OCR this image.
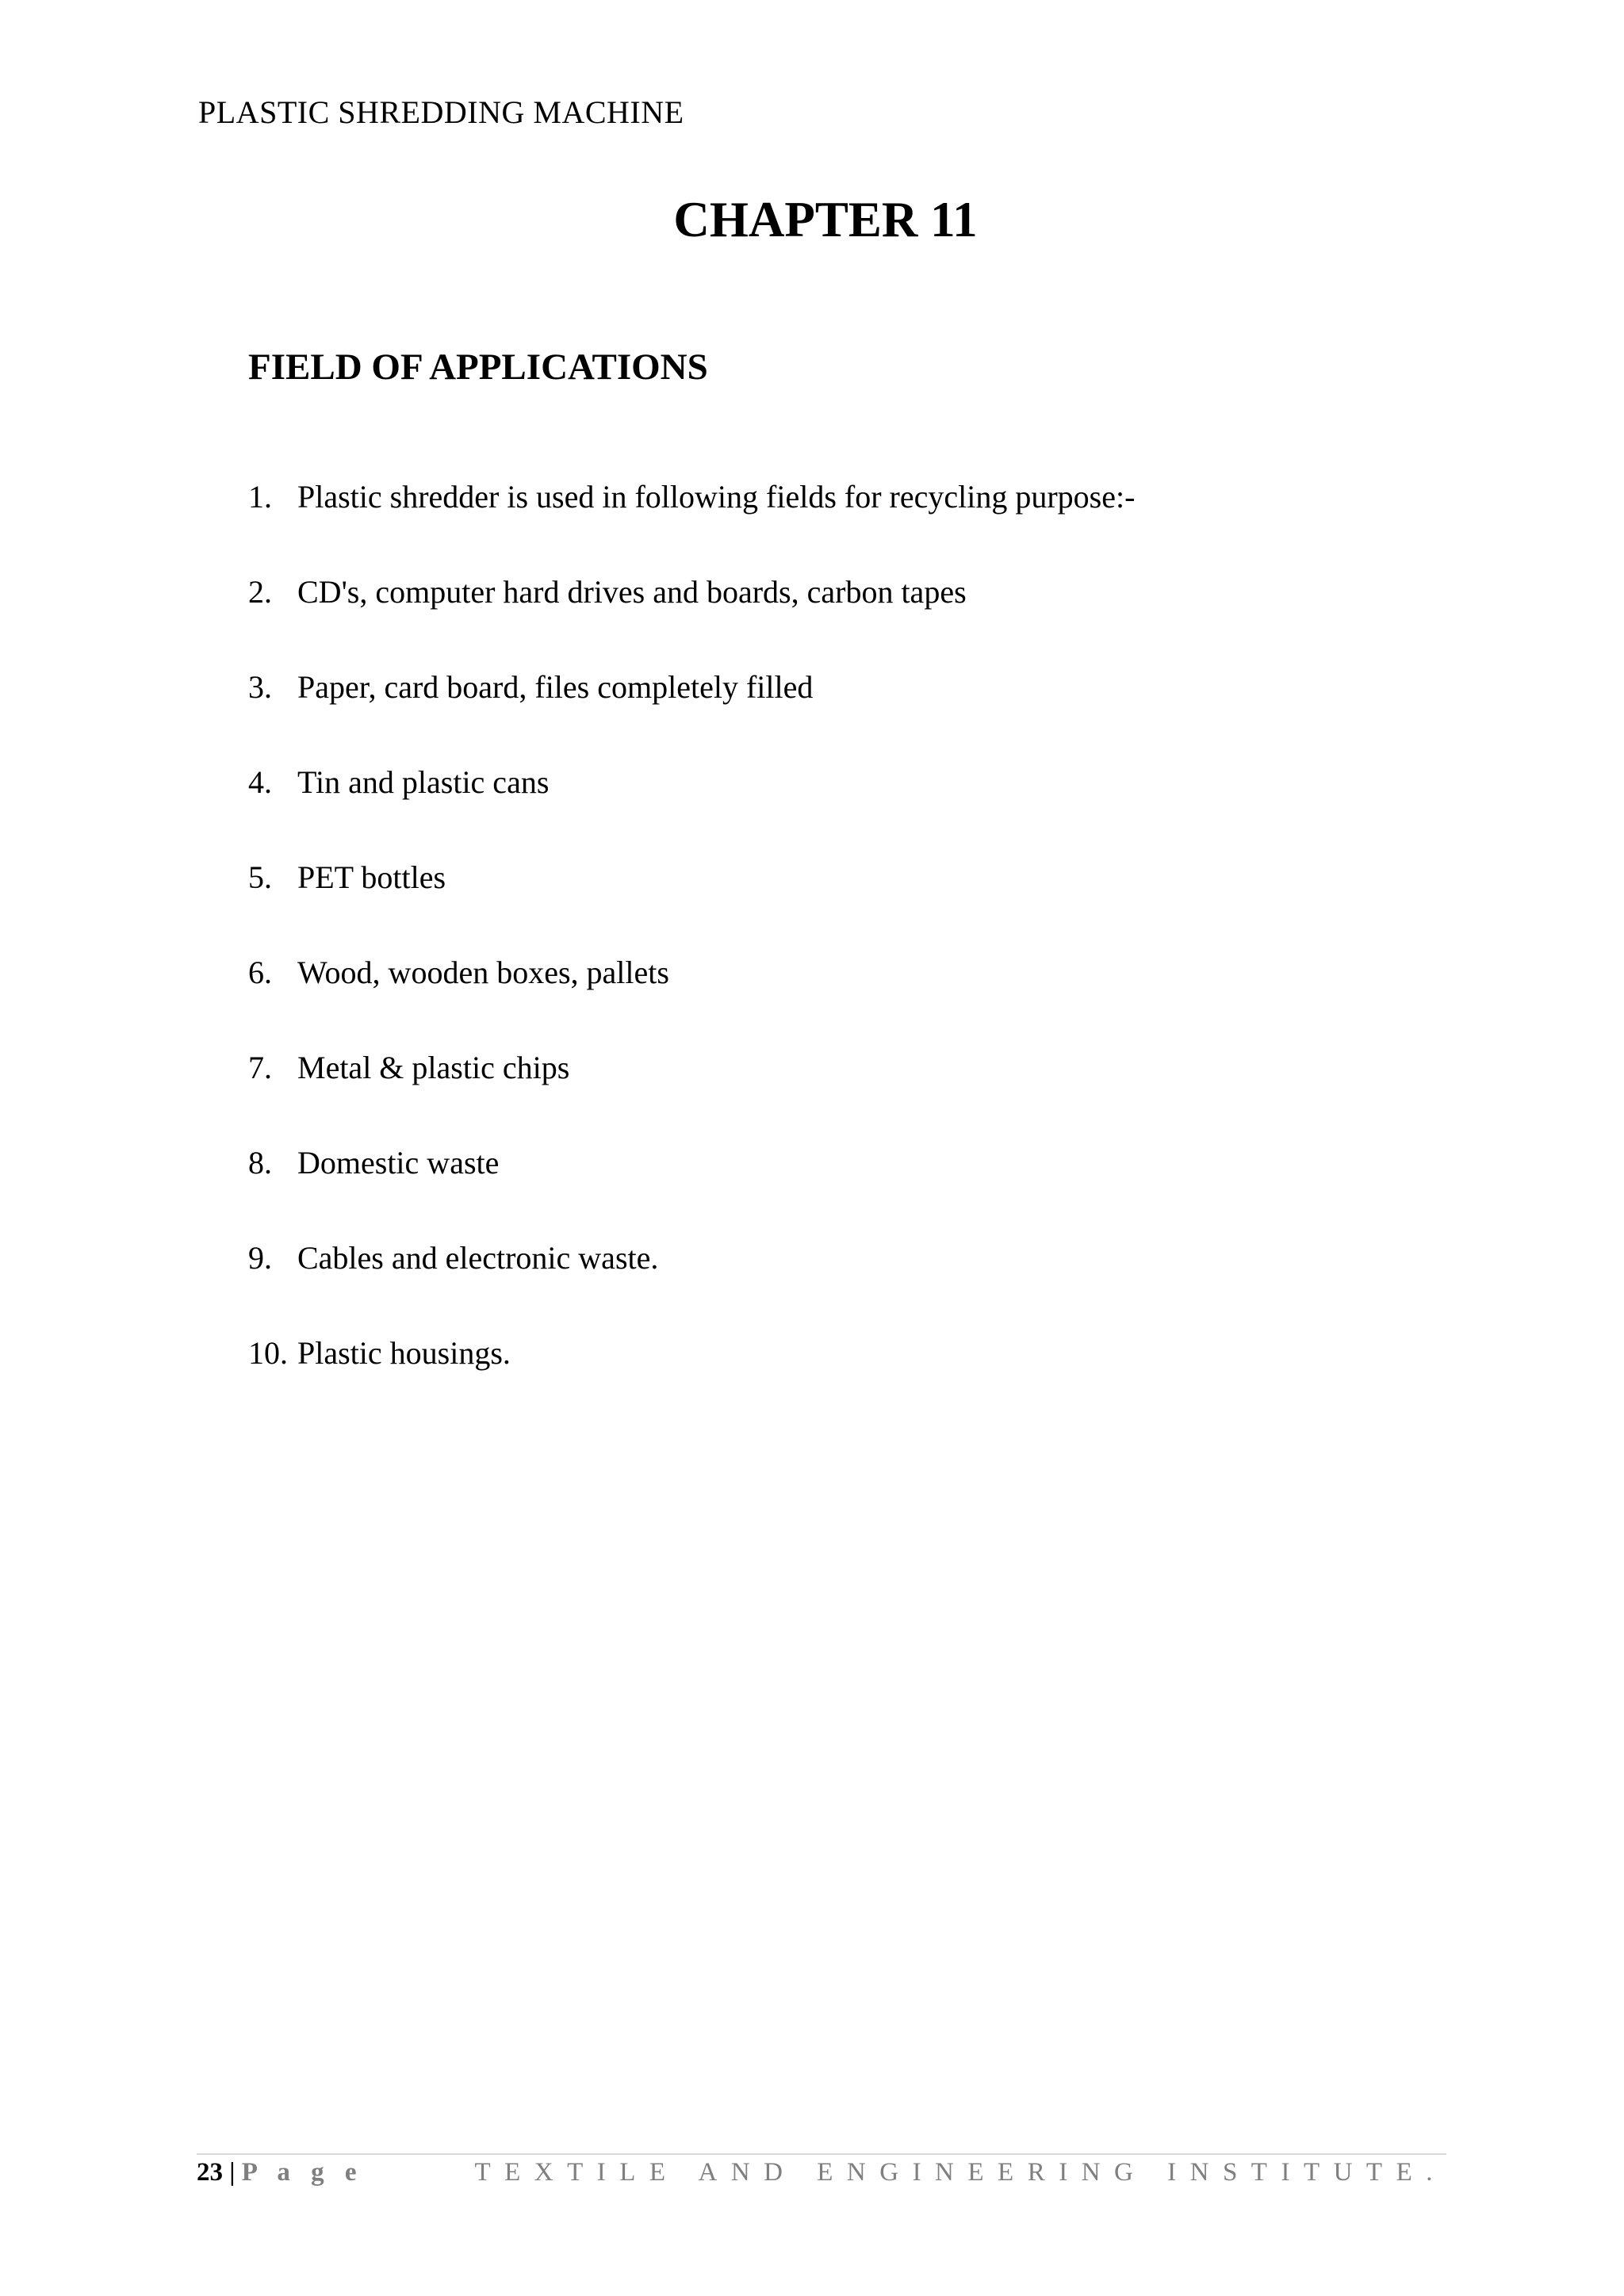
PLASTIC SHREDDING MACHINE
CHAPTER 11
FIELD OF APPLICATIONS
1. Plastic shredder is used in following fields for recycling purpose:-
2. CD's, computer hard drives and boards, carbon tapes
3. Paper, card board, files completely filled
4. Tin and plastic cans
5. PET bottles
6. Wood, wooden boxes, pallets
7. Metal & plastic chips
8. Domestic waste
9. Cables and electronic waste.
10. Plastic housings.
23 | P a g e	TEXTILE AND ENGINEERING INSTITUTE.
